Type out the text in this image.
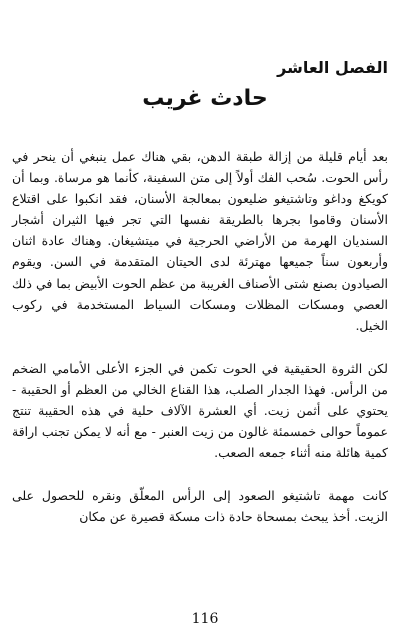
الفصل العاشر
حادث غريب

بعد أيام قليلة من إزالة طبقة الدهن، بقي هناك عمل ينبغي أن ينحر في رأس الحوت. سُحب الفك أولاً إلى متن السفينة، كأنما هو مرساة. وبما أن كويكغ وداغو وتاشتيغو ضليعون بمعالجة الأسنان، فقد انكبوا على اقتلاع الأسنان وقاموا بجرها بالطريقة نفسها التي تجر فيها الثيران أشجار السنديان الهرمة من الأراضي الحرجية في ميتشيغان. وهناك عادة اثنان وأربعون سناً جميعها مهترئة لدى الحيتان المتقدمة في السن. ويقوم الصيادون بصنع شتى الأصناف الغريبة من عظم الحوت الأبيض بما في ذلك العصي ومسكات المظلات ومسكات السياط المستخدمة في ركوب الخيل.

لكن الثروة الحقيقية في الحوت تكمن في الجزء الأعلى الأمامي الضخم من الرأس. فهذا الجدار الصلب، هذا القناع الخالي من العظم أو الحقيبة - يحتوي على أثمن زيت. أي العشرة الآلاف حلية في هذه الحقيبة تنتج عموماً حوالى خمسمئة غالون من زيت العنبر - مع أنه لا يمكن تجنب اراقة كمية هائلة منه أثناء جمعه الصعب.

كانت مهمة تاشتيغو الصعود إلى الرأس المعلّق ونقره للحصول على الزيت. أخذ يبحث بمسحاة حادة ذات مسكة قصيرة عن مكان

116
